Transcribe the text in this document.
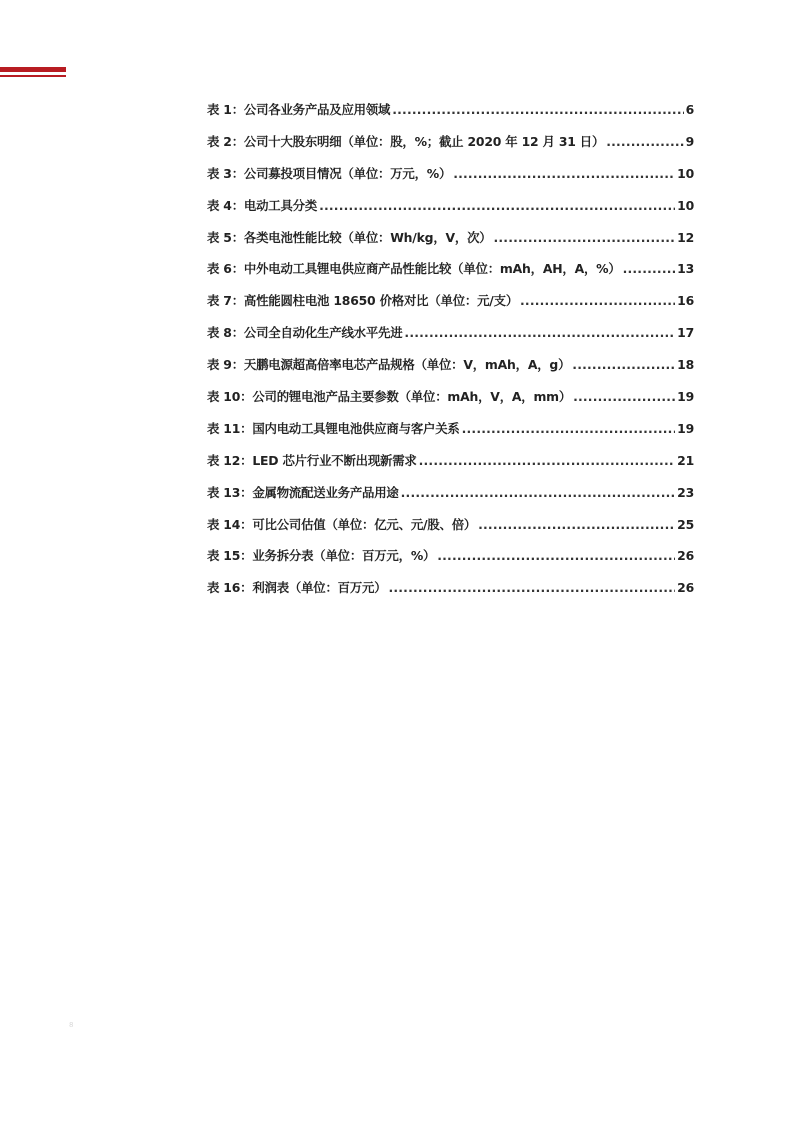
表 1：公司各业务产品及应用领域 .....	6
表 2：公司十大股东明细（单位：股，%；截止 2020 年 12 月 31 日） .....	9
表 3：公司募投项目情况（单位：万元，%） .....	10
表 4：电动工具分类 .....	10
表 5：各类电池性能比较（单位：Wh/kg，V，次） .....	12
表 6：中外电动工具锂电供应商产品性能比较（单位：mAh，AH，A，%） .....	13
表 7：高性能圆柱电池 18650 价格对比（单位：元/支） .....	16
表 8：公司全自动化生产线水平先进 .....	17
表 9：天鹏电源超高倍率电芯产品规格（单位：V，mAh，A，g） .....	18
表 10：公司的锂电池产品主要参数（单位：mAh，V，A，mm） .....	19
表 11：国内电动工具锂电池供应商与客户关系 .....	19
表 12：LED 芯片行业不断出现新需求 .....	21
表 13：金属物流配送业务产品用途 .....	23
表 14：可比公司估值（单位：亿元、元/股、倍） .....	25
表 15：业务拆分表（单位：百万元，%） .....	26
表 16：利润表（单位：百万元） .....	26
8
